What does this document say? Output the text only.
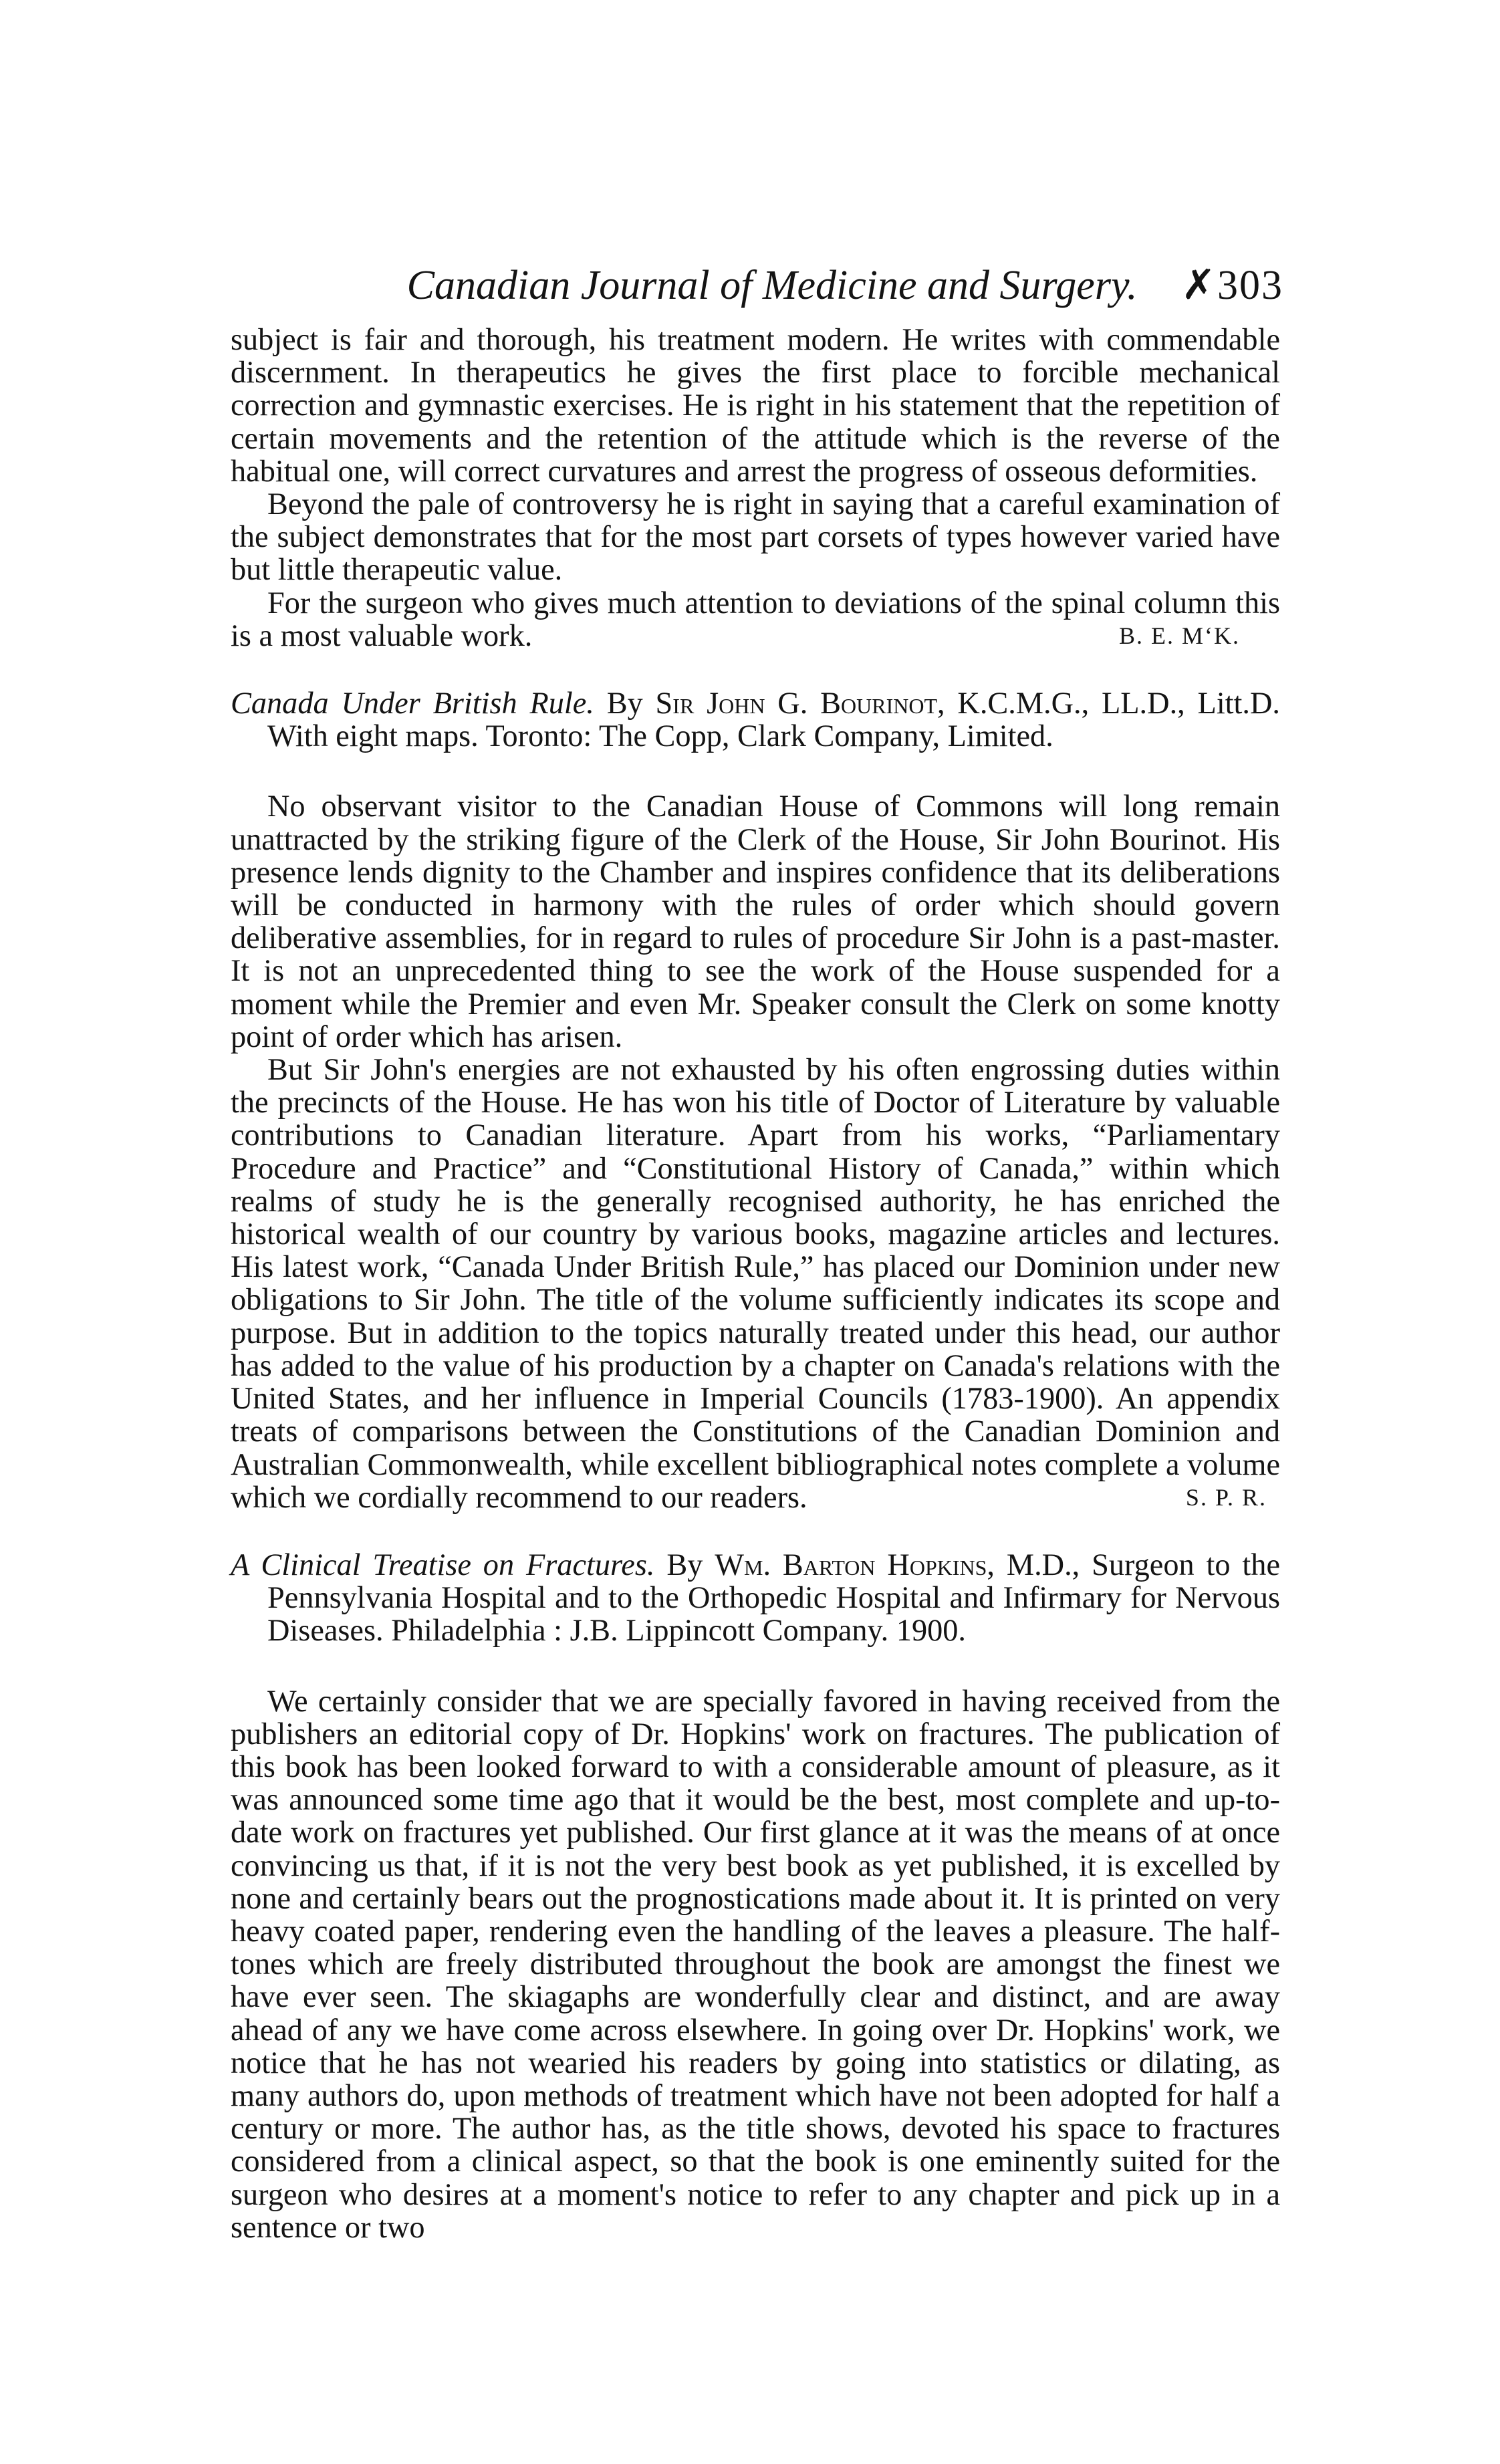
Canadian Journal of Medicine and Surgery. ✗303

subject is fair and thorough, his treatment modern. He writes with commendable discernment. In therapeutics he gives the first place to forcible mechanical correction and gymnastic exercises. He is right in his statement that the repetition of certain movements and the retention of the attitude which is the reverse of the habitual one, will correct curvatures and arrest the progress of osseous deformities.

Beyond the pale of controversy he is right in saying that a careful examination of the subject demonstrates that for the most part corsets of types however varied have but little therapeutic value.

For the surgeon who gives much attention to deviations of the spinal column this is a most valuable work.	B. E. M‘K.

Canada Under British Rule. By Sir John G. Bourinot, K.C.M.G., LL.D., Litt.D. With eight maps. Toronto: The Copp, Clark Company, Limited.

No observant visitor to the Canadian House of Commons will long remain unattracted by the striking figure of the Clerk of the House, Sir John Bourinot. His presence lends dignity to the Chamber and inspires confidence that its deliberations will be conducted in harmony with the rules of order which should govern deliberative assemblies, for in regard to rules of procedure Sir John is a past-master. It is not an unprecedented thing to see the work of the House suspended for a moment while the Premier and even Mr. Speaker consult the Clerk on some knotty point of order which has arisen.

But Sir John's energies are not exhausted by his often engrossing duties within the precincts of the House. He has won his title of Doctor of Literature by valuable contributions to Canadian literature. Apart from his works, “Parliamentary Procedure and Practice” and “Constitutional History of Canada,” within which realms of study he is the generally recognised authority, he has enriched the historical wealth of our country by various books, magazine articles and lectures. His latest work, “Canada Under British Rule,” has placed our Dominion under new obligations to Sir John. The title of the volume sufficiently indicates its scope and purpose. But in addition to the topics naturally treated under this head, our author has added to the value of his production by a chapter on Canada's relations with the United States, and her influence in Imperial Councils (1783-1900). An appendix treats of comparisons between the Constitutions of the Canadian Dominion and Australian Commonwealth, while excellent bibliographical notes complete a volume which we cordially recommend to our readers.	S. P. R.

A Clinical Treatise on Fractures. By Wm. Barton Hopkins, M.D., Surgeon to the Pennsylvania Hospital and to the Orthopedic Hospital and Infirmary for Nervous Diseases. Philadelphia : J.B. Lippincott Company. 1900.

We certainly consider that we are specially favored in having received from the publishers an editorial copy of Dr. Hopkins' work on fractures. The publication of this book has been looked forward to with a considerable amount of pleasure, as it was announced some time ago that it would be the best, most complete and up-to-date work on fractures yet published. Our first glance at it was the means of at once convincing us that, if it is not the very best book as yet published, it is excelled by none and certainly bears out the prognostications made about it. It is printed on very heavy coated paper, rendering even the handling of the leaves a pleasure. The half-tones which are freely distributed throughout the book are amongst the finest we have ever seen. The skiagaphs are wonderfully clear and distinct, and are away ahead of any we have come across elsewhere. In going over Dr. Hopkins' work, we notice that he has not wearied his readers by going into statistics or dilating, as many authors do, upon methods of treatment which have not been adopted for half a century or more. The author has, as the title shows, devoted his space to fractures considered from a clinical aspect, so that the book is one eminently suited for the surgeon who desires at a moment's notice to refer to any chapter and pick up in a sentence or two
